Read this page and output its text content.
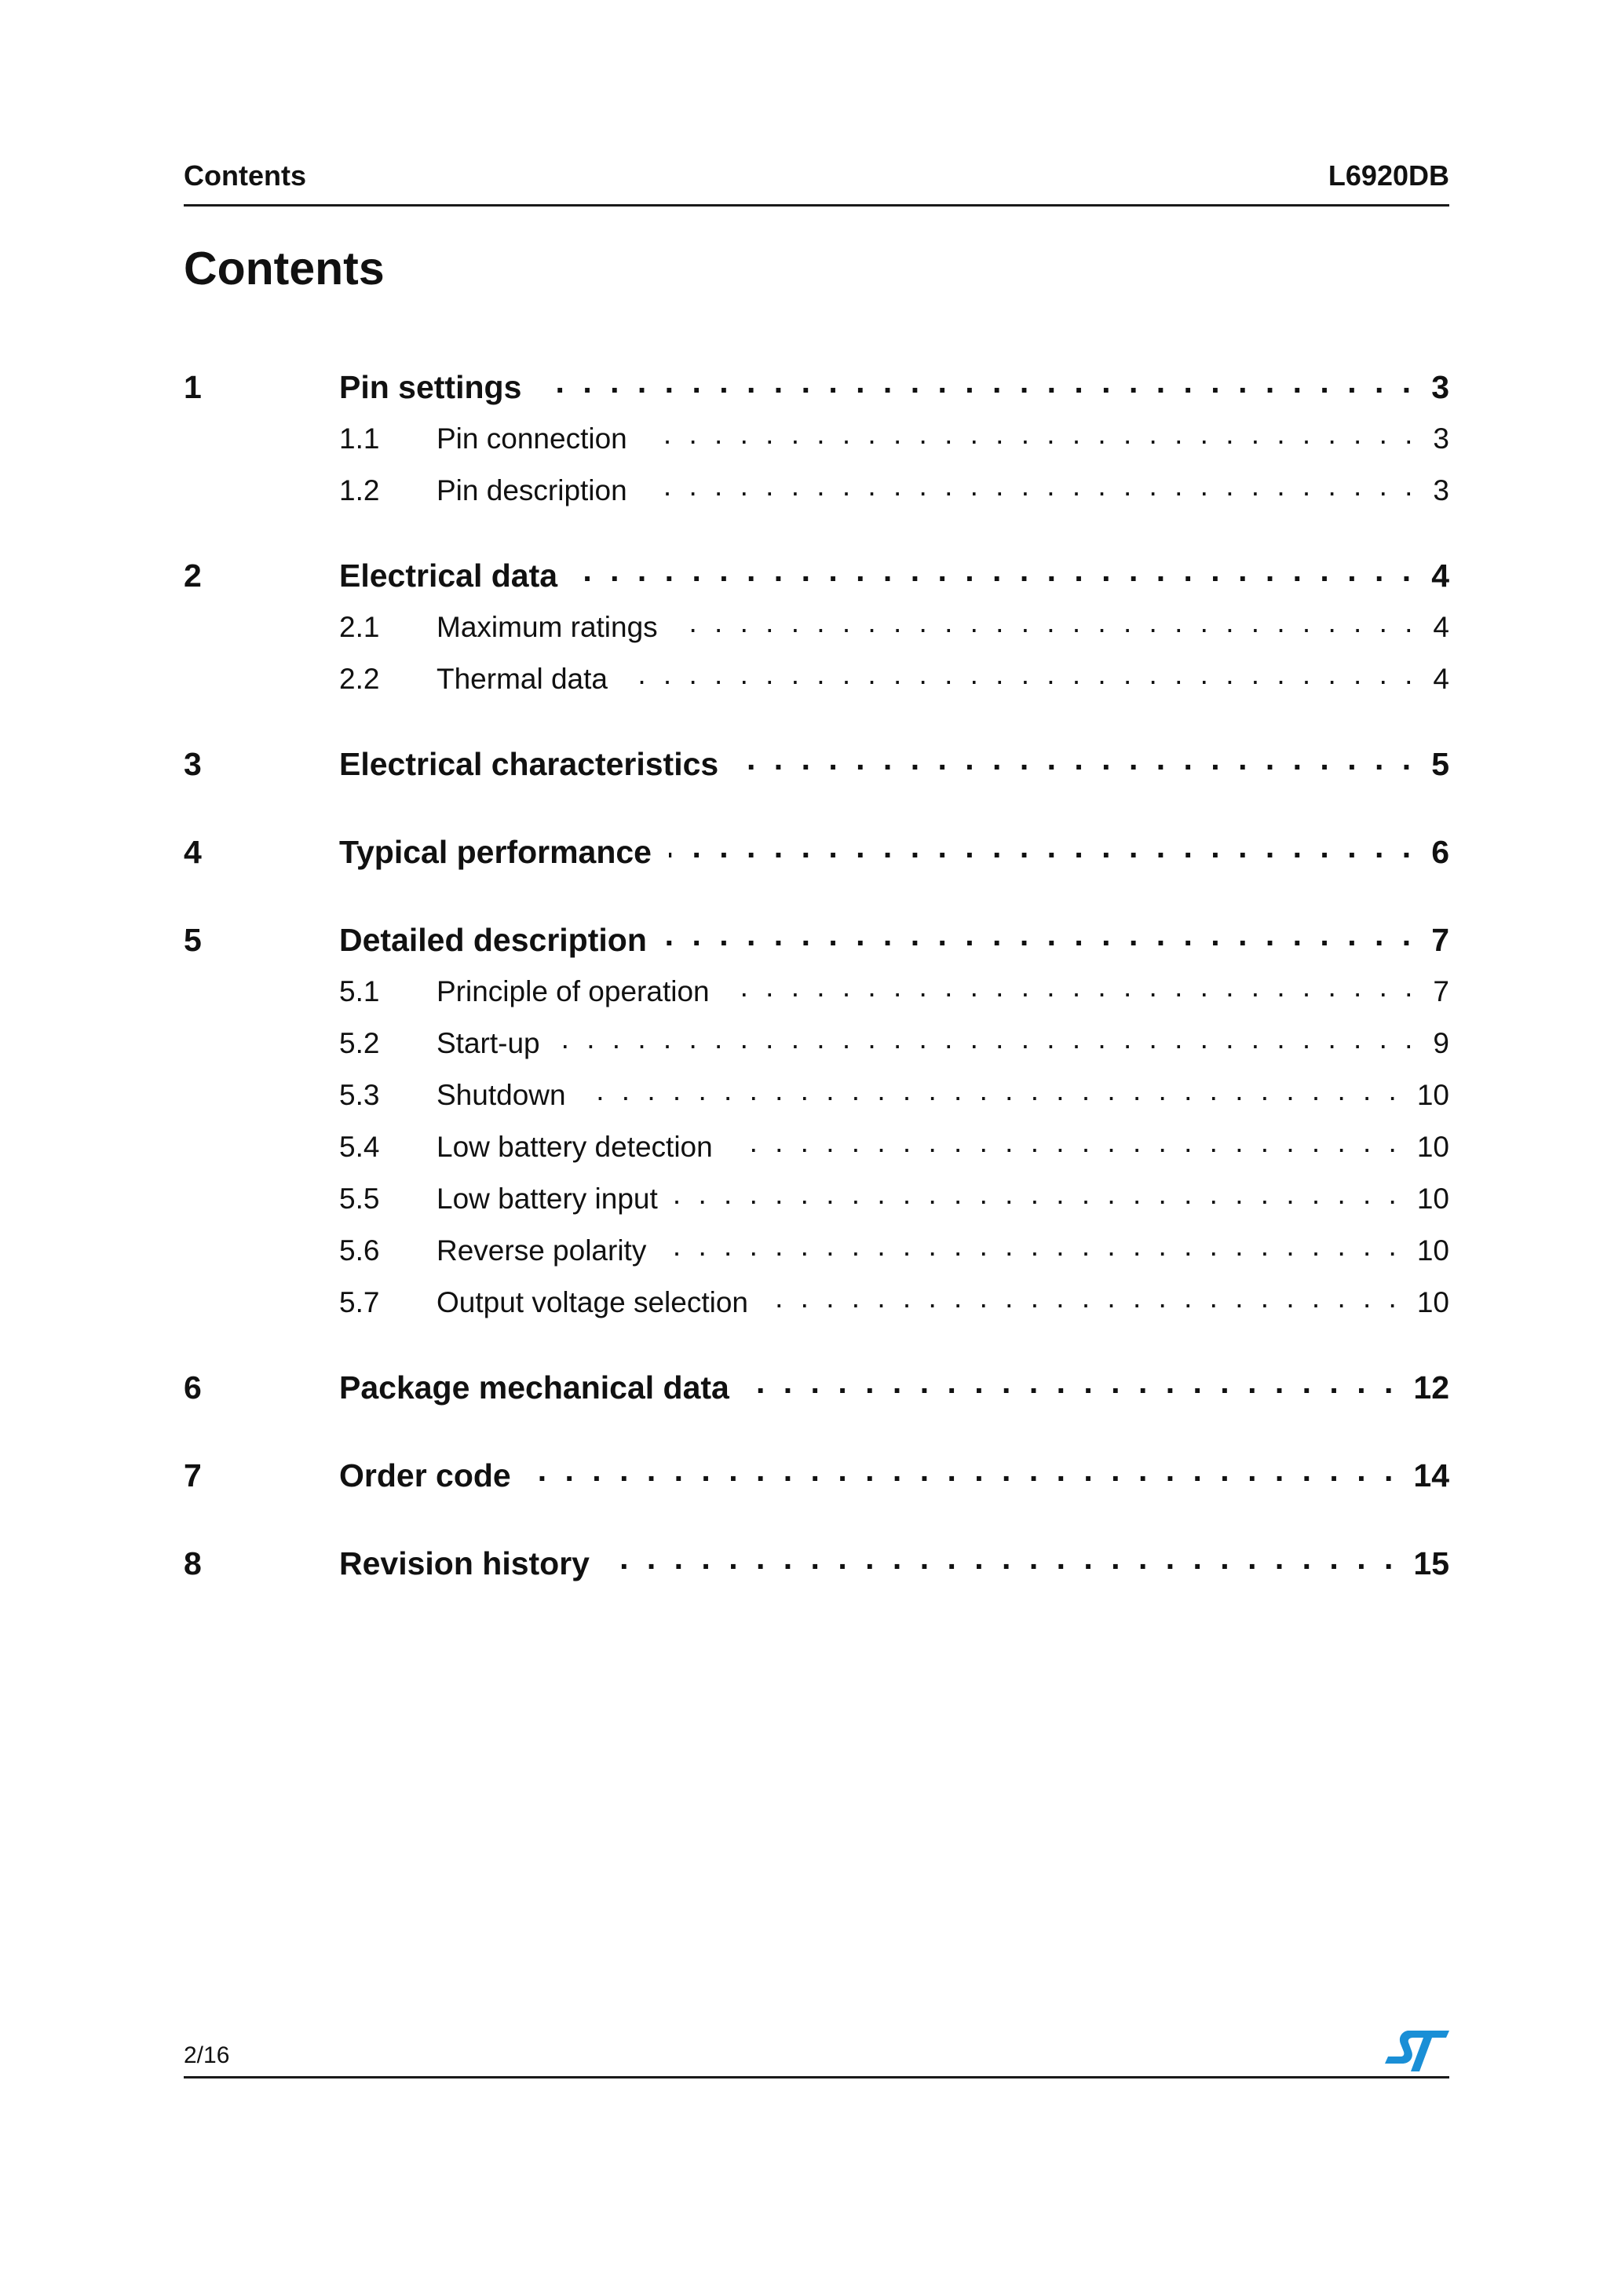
Contents	L6920DB
Contents
1	Pin settings . . .	3
1.1	Pin connection . . .	3
1.2	Pin description . . .	3
2	Electrical data . . .	4
2.1	Maximum ratings . . .	4
2.2	Thermal data . . .	4
3	Electrical characteristics . . .	5
4	Typical performance . . .	6
5	Detailed description . . .	7
5.1	Principle of operation . . .	7
5.2	Start-up . . .	9
5.3	Shutdown . . .	10
5.4	Low battery detection . . .	10
5.5	Low battery input . . .	10
5.6	Reverse polarity . . .	10
5.7	Output voltage selection . . .	10
6	Package mechanical data . . .	12
7	Order code . . .	14
8	Revision history . . .	15
2/16
